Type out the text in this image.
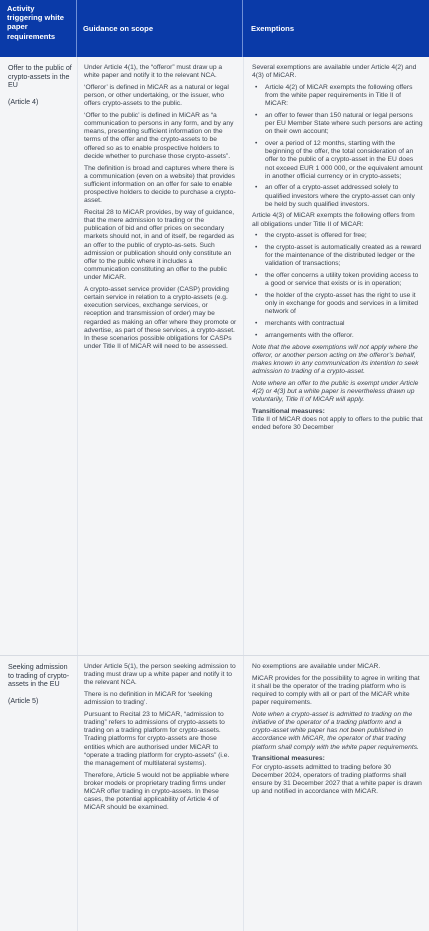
Activity triggering white paper requirements
Guidance on scope	Exemptions

Offer to the public of crypto-assets in the EU

(Article 4)

Under Article 4(1), the “offeror” must draw up a white paper and notify it to the relevant NCA.

‘Offeror’ is defined in MiCAR as a natural or legal person, or other undertaking, or the issuer, who offers crypto-assets to the public.

‘Offer to the public’ is defined in MiCAR as “a communication to persons in any form, and by any means, presenting sufficient information on the terms of the offer and the crypto-assets to be offered so as to enable prospective holders to decide whether to purchase those crypto-assets”.

The definition is broad and captures where there is a communication (even on a website) that provides sufficient information on an offer for sale to enable prospective holders to decide to purchase a crypto-asset.

Recital 28 to MiCAR provides, by way of guidance, that the mere admission to trading or the publication of bid and offer prices on secondary markets should not, in and of itself, be regarded as an offer to the public of crypto-as-sets. Such admission or publication should only constitute an offer to the public where it includes a communication constituting an offer to the public under MiCAR.

A crypto-asset service provider (CASP) providing certain service in relation to a crypto-assets (e.g. execution services, exchange services, or reception and transmission of order) may be regarded as making an offer where they promote or advertise, as part of these services, a crypto-asset. In these scenarios possible obligations for CASPs under Title II of MiCAR will need to be assessed.

Several exemptions are available under Article 4(2) and 4(3) of MiCAR.

• Article 4(2) of MiCAR exempts the following offers from the white paper requirements in Title II of MiCAR:
• an offer to fewer than 150 natural or legal persons per EU Member State where such persons are acting on their own account;
• over a period of 12 months, starting with the beginning of the offer, the total consideration of an offer to the public of a crypto-asset in the EU does not exceed EUR 1 000 000, or the equivalent amount in another official currency or in crypto-assets;
• an offer of a crypto-asset addressed solely to qualified investors where the crypto-asset can only be held by such qualified investors.

Article 4(3) of MiCAR exempts the following offers from all obligations under Title II of MiCAR:

• the crypto-asset is offered for free;
• the crypto-asset is automatically created as a reward for the maintenance of the distributed ledger or the validation of transactions;
• the offer concerns a utility token providing access to a good or service that exists or is in operation;
• the holder of the crypto-asset has the right to use it only in exchange for goods and services in a limited network of
• merchants with contractual
• arrangements with the offeror.

Note that the above exemptions will not apply where the offeror, or another person acting on the offeror’s behalf, makes known in any communication its intention to seek admission to trading of a crypto-asset.

Note where an offer to the public is exempt under Article 4(2) or 4(3) but a white paper is nevertheless drawn up voluntarily, Title II of MiCAR will apply.

Transitional measures:

Title II of MiCAR does not apply to offers to the public that ended before 30 December

Seeking admission to trading of crypto-assets in the EU

(Article 5)

Under Article 5(1), the person seeking admission to trading must draw up a white paper and notify it to the relevant NCA.

There is no definition in MiCAR for ‘seeking admission to trading’.

Pursuant to Recital 23 to MiCAR, “admission to trading” refers to admissions of crypto-assets to trading on a trading platform for crypto-assets. Trading platforms for crypto-assets are those entities which are authorised under MiCAR to “operate a trading platform for crypto-assets” (i.e. the management of multilateral systems).

Therefore, Article 5 would not be appliable where broker models or proprietary trading firms under MiCAR offer trading in crypto-assets. In these cases, the potential applicability of Article 4 of MiCAR should be examined.

No exemptions are available under MiCAR.

MiCAR provides for the possibility to agree in writing that it shall be the operator of the trading platform who is required to comply with all or part of the MiCAR white paper requirements.

Note when a crypto-asset is admitted to trading on the initiative of the operator of a trading platform and a crypto-asset white paper has not been published in accordance with MiCAR, the operator of that trading platform shall comply with the white paper requirements.

Transitional measures:

For crypto-assets admitted to trading before 30 December 2024, operators of trading platforms shall ensure by 31 December 2027 that a white paper is drawn up and notified in accordance with MiCAR.
